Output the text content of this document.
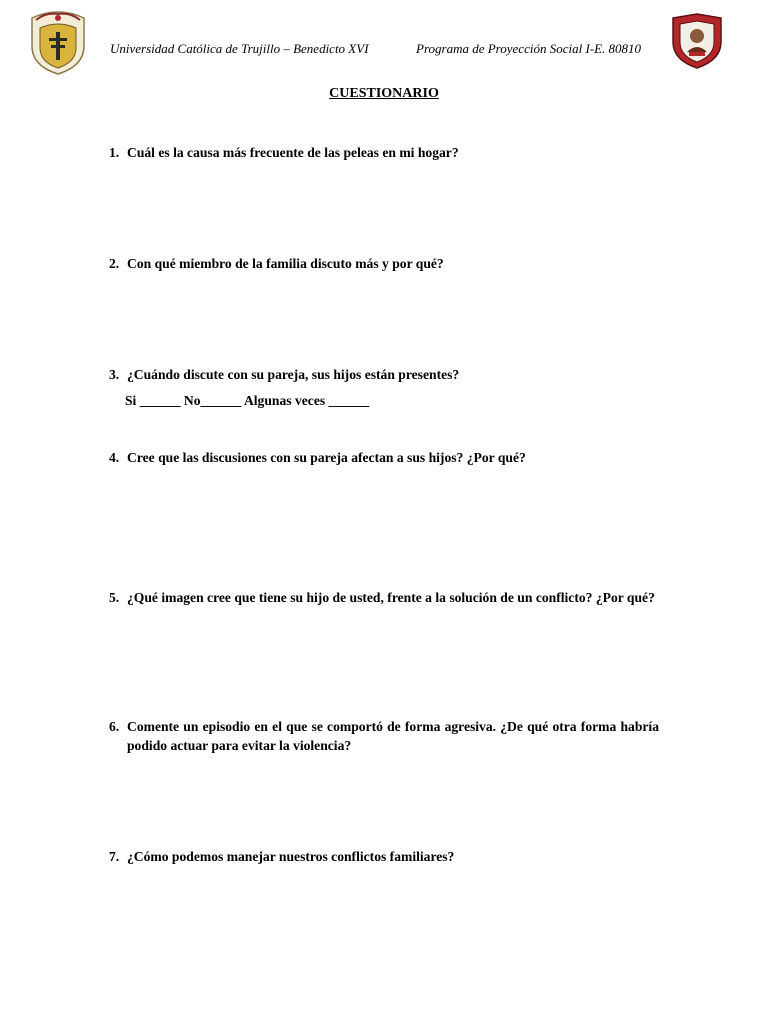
Universidad Católica de Trujillo – Benedicto XVI	Programa de Proyección Social I-E. 80810
CUESTIONARIO
1. Cuál es la causa más frecuente de las peleas en mi hogar?
2. Con qué miembro de la familia discuto más y por qué?
3. ¿Cuándo discute con su pareja, sus hijos están presentes?
Si ______ No______ Algunas veces ______
4. Cree que las discusiones con su pareja afectan a sus hijos? ¿Por qué?
5. ¿Qué imagen cree que tiene su hijo de usted, frente a la solución de un conflicto? ¿Por qué?
6. Comente un episodio en el que se comportó de forma agresiva. ¿De qué otra forma habría podido actuar para evitar la violencia?
7. ¿Cómo podemos manejar nuestros conflictos familiares?
